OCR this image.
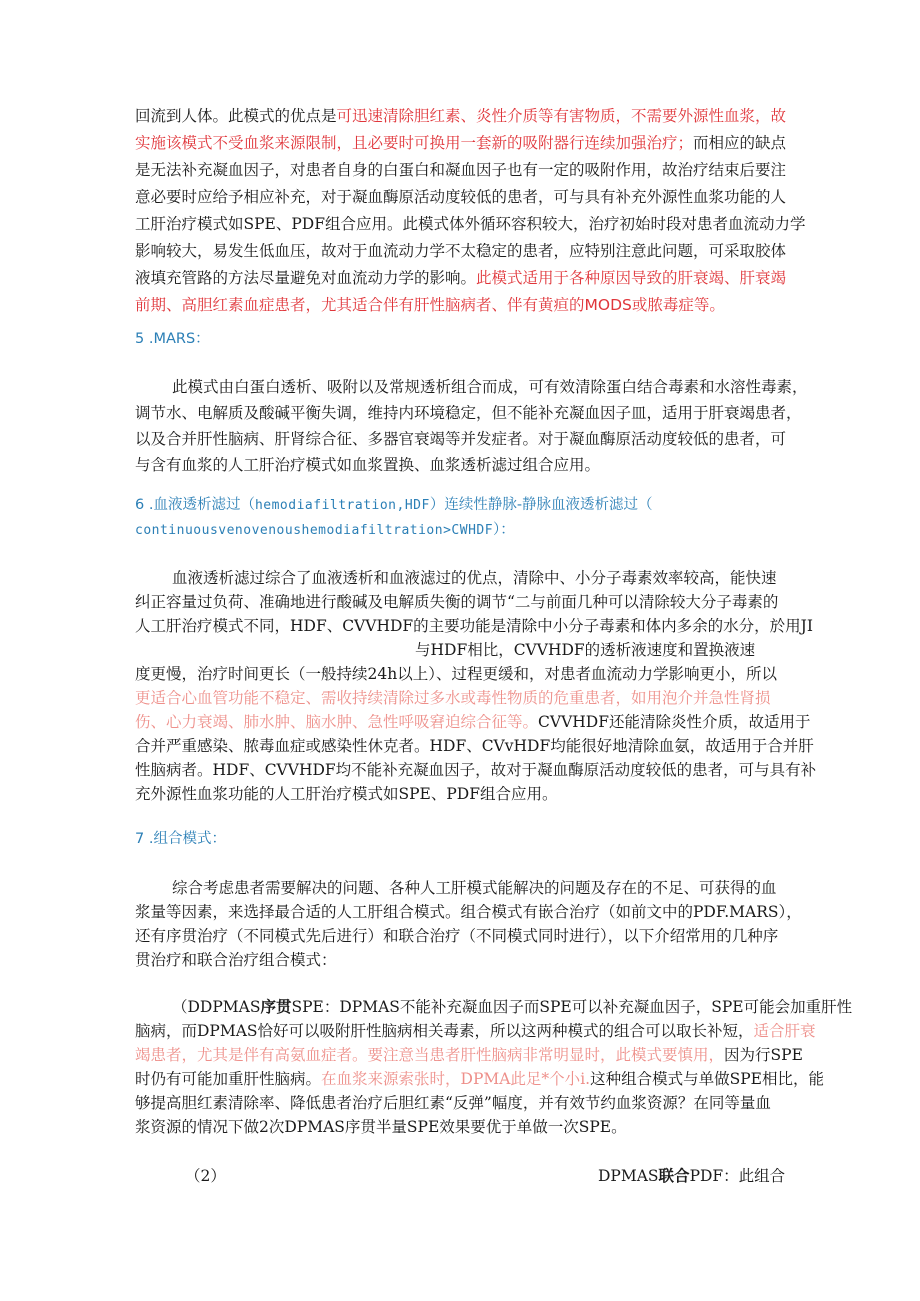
回流到人体。此模式的优点是可迅速清除胆红素、炎性介质等有害物质，不需要外源性血浆，故
实施该模式不受血浆来源限制，且必要时可换用一套新的吸附器行连续加强治疗；而相应的缺点
是无法补充凝血因子，对患者自身的白蛋白和凝血因子也有一定的吸附作用，故治疗结束后要注
意必要时应给予相应补充，对于凝血酶原活动度较低的患者，可与具有补充外源性血浆功能的人
工肝治疗模式如SPE、PDF组合应用。此模式体外循环容积较大，治疗初始时段对患者血流动力学
影响较大，易发生低血压，故对于血流动力学不太稳定的患者，应特别注意此问题，可采取胶体
液填充管路的方法尽量避免对血流动力学的影响。此模式适用于各种原因导致的肝衰竭、肝衰竭
前期、高胆红素血症患者，尤其适合伴有肝性脑病者、伴有黄疸的MODS或脓毒症等。
5 .MARS：
此模式由白蛋白透析、吸附以及常规透析组合而成，可有效清除蛋白结合毒素和水溶性毒素，
调节水、电解质及酸碱平衡失调，维持内环境稳定，但不能补充凝血因子皿，适用于肝衰竭患者，
以及合并肝性脑病、肝肾综合征、多器官衰竭等并发症者。对于凝血酶原活动度较低的患者，可
与含有血浆的人工肝治疗模式如血浆置换、血浆透析滤过组合应用。
6 .血液透析滤过（hemodiafiltration,HDF）连续性静脉-静脉血液透析滤过（
continuousvenovenoushemodiafiltration>CWHDF）：
血液透析滤过综合了血液透析和血液滤过的优点，清除中、小分子毒素效率较高，能快速
纠正容量过负荷、准确地进行酸碱及电解质失衡的调节“二与前面几种可以清除较大分子毒素的
人工肝治疗模式不同，HDF、CVVHDF的主要功能是清除中小分子毒素和体内多余的水分，於用JI
与HDF相比，CVVHDF的透析液速度和置换液速
度更慢，治疗时间更长（一般持续24h以上）、过程更缓和，对患者血流动力学影响更小，所以
更适合心血管功能不稳定、需收持续清除过多水或毒性物质的危重患者，如用泡介并急性肾损
伤、心力衰竭、肺水肿、脑水肿、急性呼吸窘迫综合征等。CVVHDF还能清除炎性介质，故适用于
合并严重感染、脓毒血症或感染性休克者。HDF、CVvHDF均能很好地清除血氨，故适用于合并肝
性脑病者。HDF、CVVHDF均不能补充凝血因子，故对于凝血酶原活动度较低的患者，可与具有补
充外源性血浆功能的人工肝治疗模式如SPE、PDF组合应用。
7 .组合模式：
综合考虑患者需要解决的问题、各种人工肝模式能解决的问题及存在的不足、可获得的血
浆量等因素，来选择最合适的人工肝组合模式。组合模式有嵌合治疗（如前文中的PDF.MARS），
还有序贯治疗（不同模式先后进行）和联合治疗（不同模式同时进行），以下介绍常用的几种序
贯治疗和联合治疗组合模式：
（DDPMAS序贯SPE：DPMAS不能补充凝血因子而SPE可以补充凝血因子，SPE可能会加重肝性
脑病，而DPMAS恰好可以吸附肝性脑病相关毒素，所以这两种模式的组合可以取长补短，适合肝衰
竭患者，尤其是伴有高氨血症者。要注意当患者肝性脑病非常明显时，此模式要慎用，因为行SPE
时仍有可能加重肝性脑病。在血浆来源索张时，DPMA此足*个小i.这种组合模式与单做SPE相比，能
够提高胆红素清除率、降低患者治疗后胆红素“反弹”幅度，并有效节约血浆资源？在同等量血
浆资源的情况下做2次DPMAS序贯半量SPE效果要优于单做一次SPE。
（2）	DPMAS联合PDF：此组合
